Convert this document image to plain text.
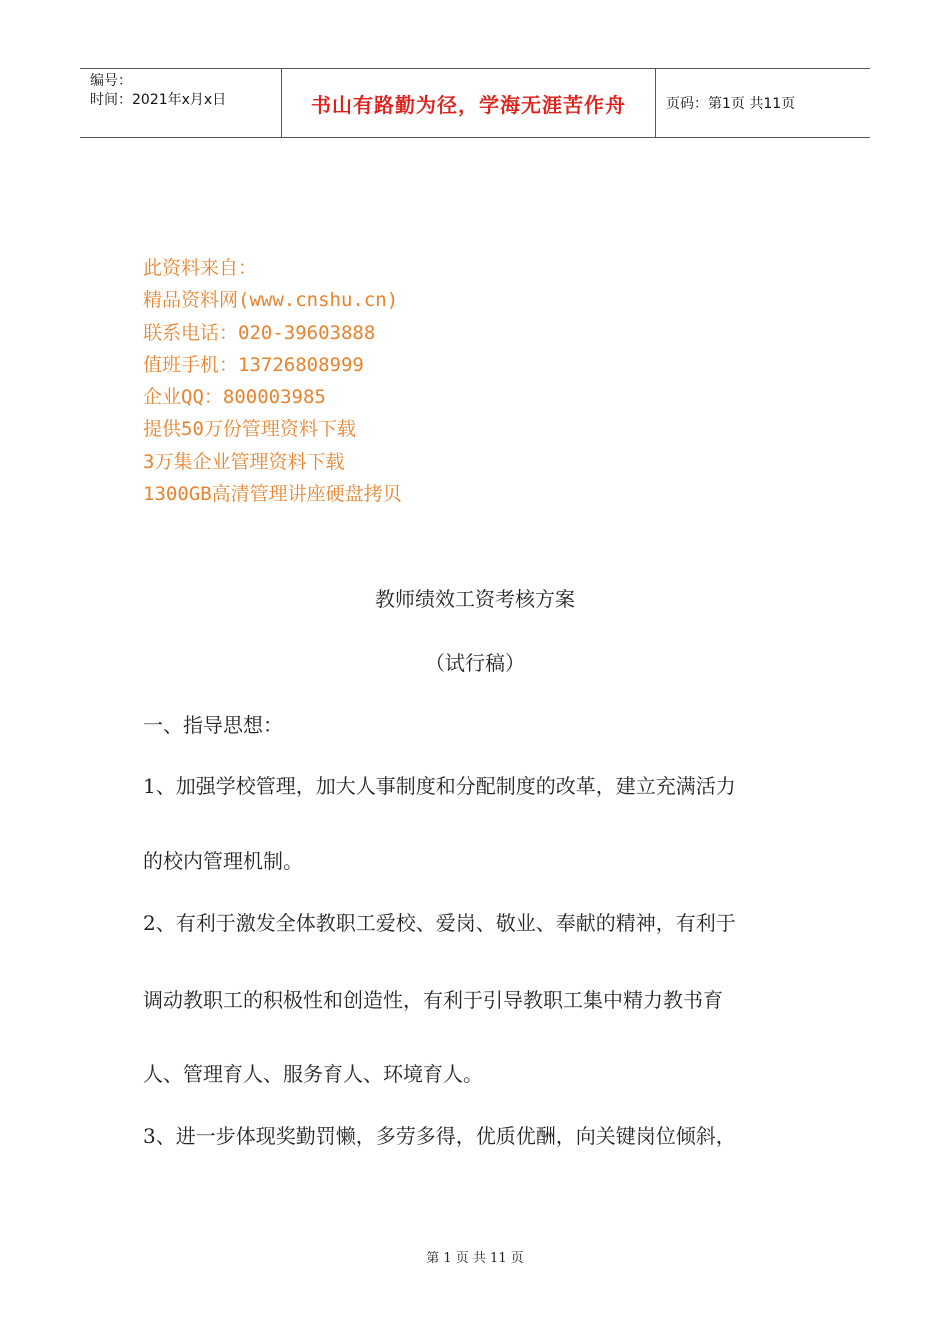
编号：
时间：2021年x月x日	书山有路勤为径，学海无涯苦作舟	页码：第1页 共11页
此资料来自：
精品资料网(www.cnshu.cn)
联系电话：020-39603888
值班手机：13726808999
企业QQ：800003985
提供50万份管理资料下载
3万集企业管理资料下载
1300GB高清管理讲座硬盘拷贝
教师绩效工资考核方案
（试行稿）
一、指导思想：
1、加强学校管理，加大人事制度和分配制度的改革，建立充满活力
的校内管理机制。
2、有利于激发全体教职工爱校、爱岗、敬业、奉献的精神，有利于
调动教职工的积极性和创造性，有利于引导教职工集中精力教书育
人、管理育人、服务育人、环境育人。
3、进一步体现奖勤罚懒，多劳多得，优质优酬，向关键岗位倾斜，
第 1 页 共 11 页
